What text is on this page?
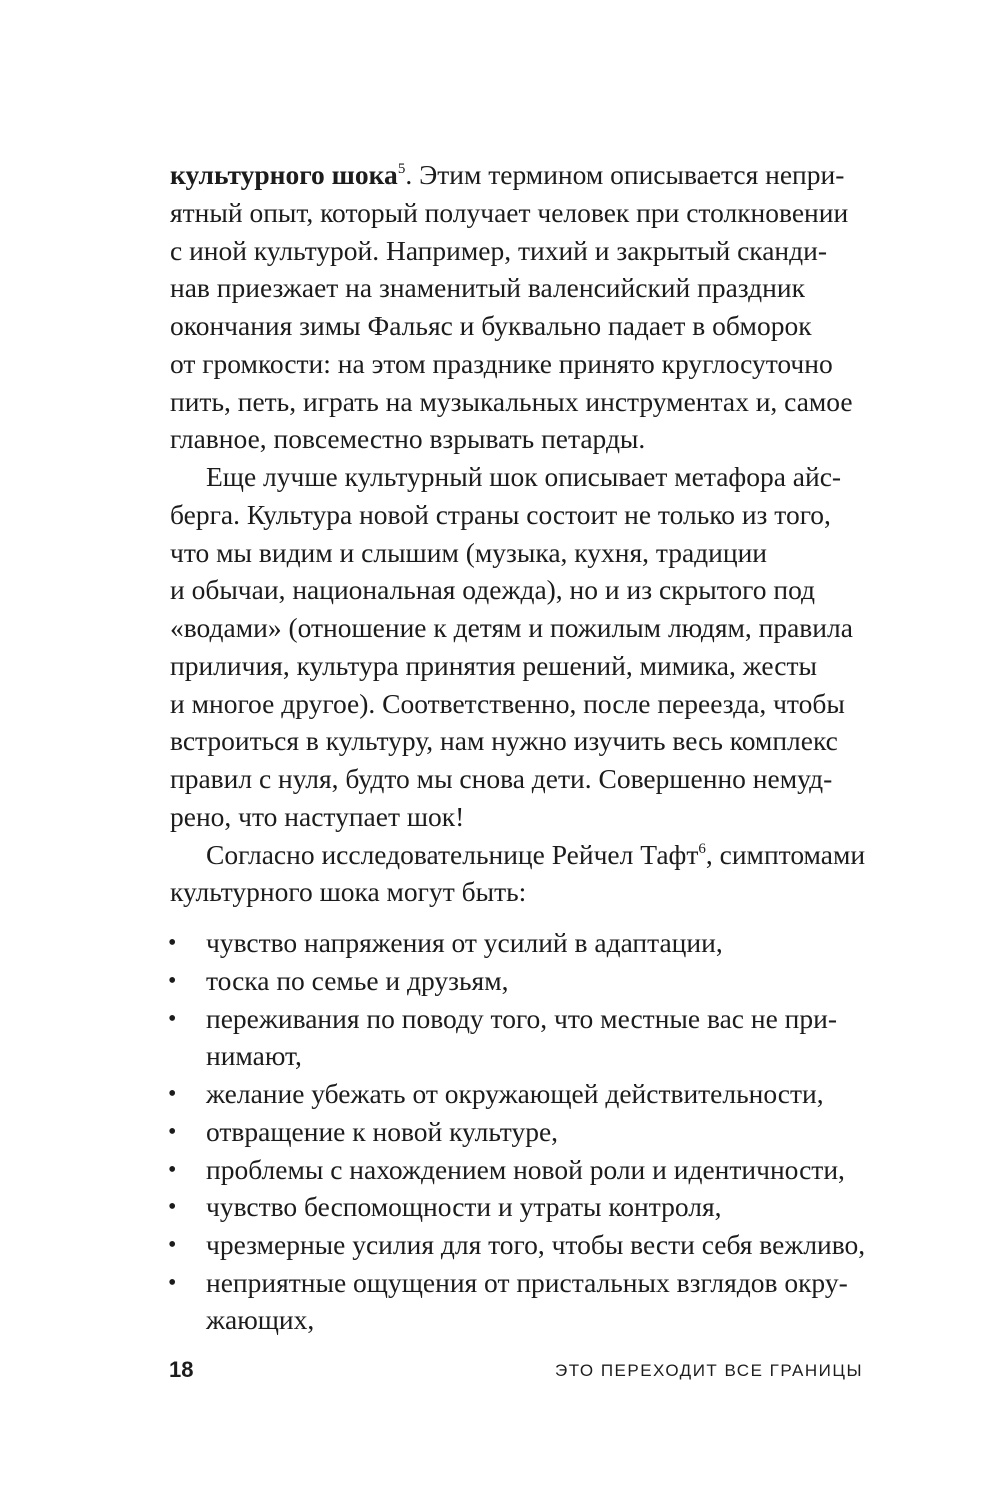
культурного шока$^5$. Этим термином описывается непри-
ятный опыт, который получает человек при столкновении
с иной культурой. Например, тихий и закрытый сканди-
нав приезжает на знаменитый валенсийский праздник
окончания зимы Фальяс и буквально падает в обморок
от громкости: на этом празднике принято круглосуточно
пить, петь, играть на музыкальных инструментах и, самое
главное, повсеместно взрывать петарды.
Еще лучше культурный шок описывает метафора айс-
берга. Культура новой страны состоит не только из того,
что мы видим и слышим (музыка, кухня, традиции
и обычаи, национальная одежда), но и из скрытого под
«водами» (отношение к детям и пожилым людям, правила
приличия, культура принятия решений, мимика, жесты
и многое другое). Соответственно, после переезда, чтобы
встроиться в культуру, нам нужно изучить весь комплекс
правил с нуля, будто мы снова дети. Совершенно немуд-
рено, что наступает шок!
Согласно исследовательнице Рейчел Тафт$^6$, симптомами
культурного шока могут быть:
•	чувство напряжения от усилий в адаптации,
•	тоска по семье и друзьям,
•	переживания по поводу того, что местные вас не при-
нимают,
•	желание убежать от окружающей действительности,
•	отвращение к новой культуре,
•	проблемы с нахождением новой роли и идентичности,
•	чувство беспомощности и утраты контроля,
•	чрезмерные усилия для того, чтобы вести себя вежливо,
•	неприятные ощущения от пристальных взглядов окру-
жающих,
18	ЭТО ПЕРЕХОДИТ ВСЕ ГРАНИЦЫ
